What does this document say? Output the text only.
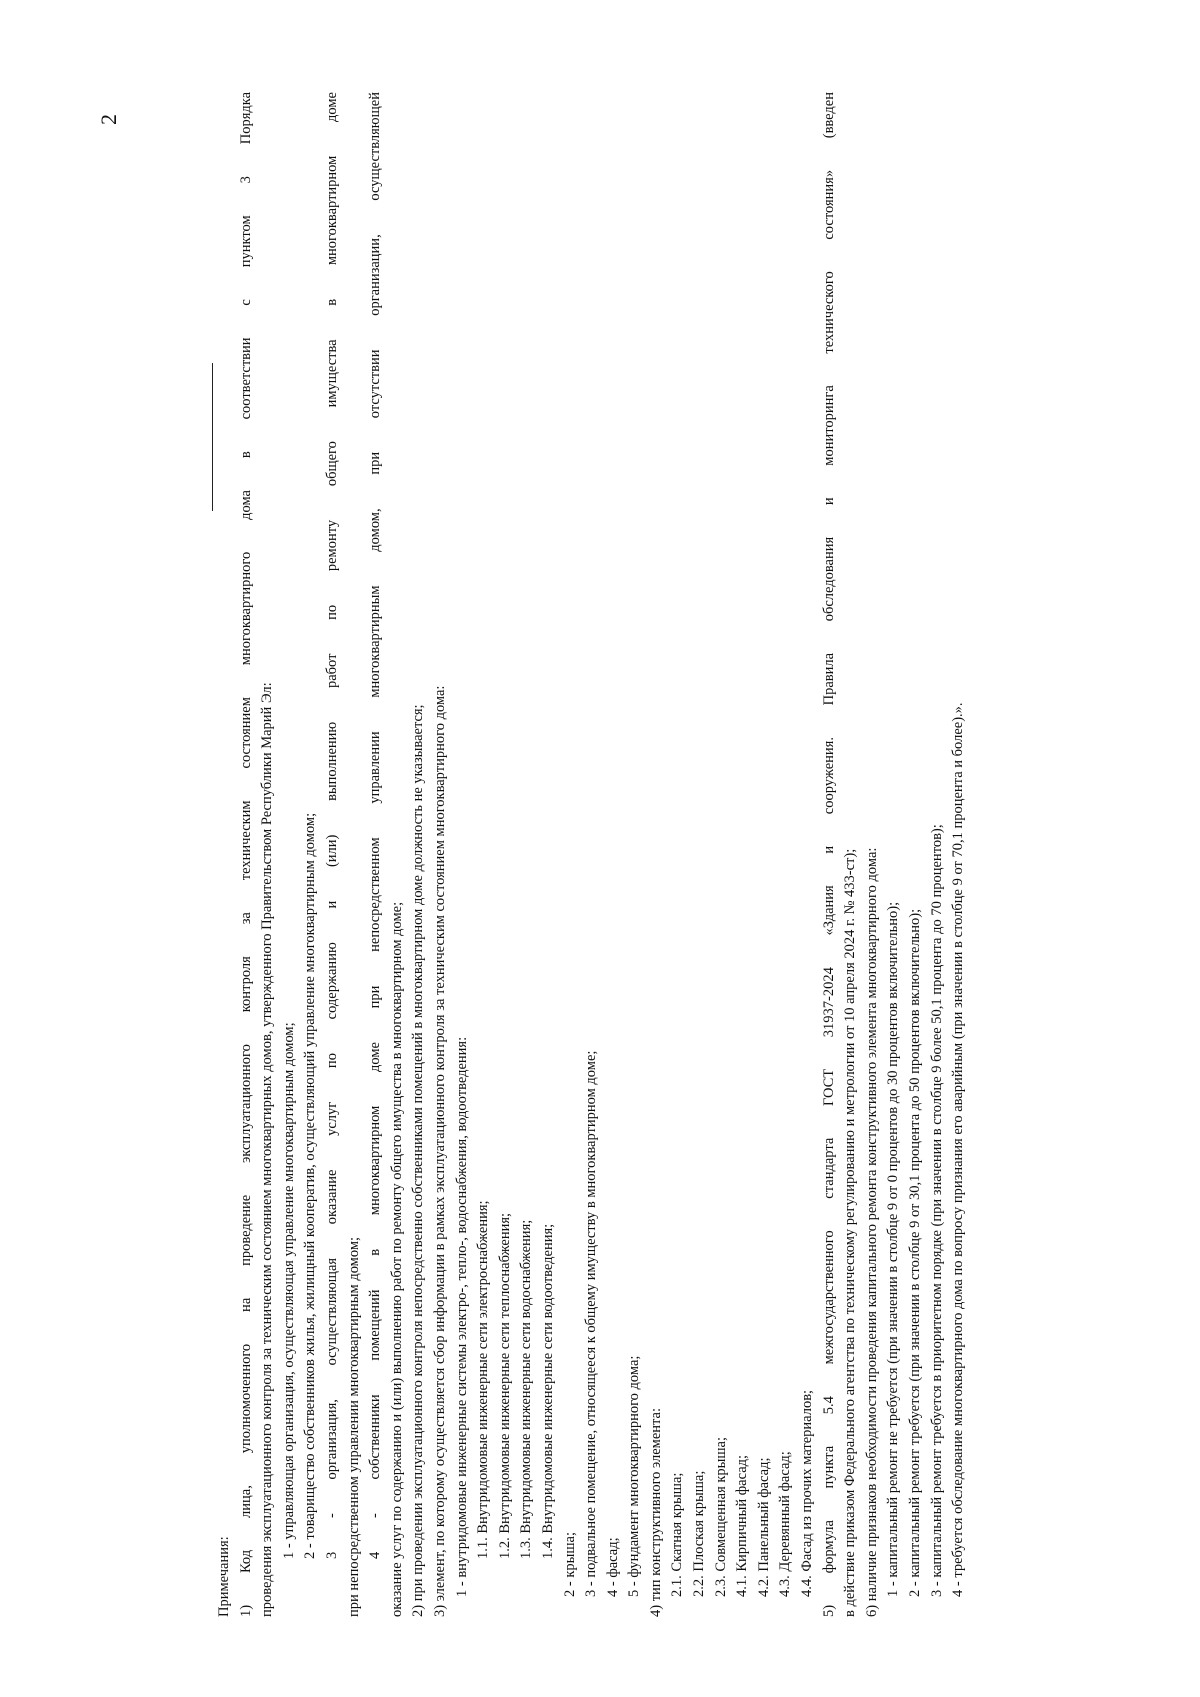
2
Примечания: 1) Код лица, уполномоченного на проведение эксплуатационного контроля за техническим состоянием многоквартирного дома в соответствии с пунктом 3 Порядка проведения эксплуатационного контроля за техническим состоянием многоквартирных домов, утвержденного Правительством Республики Марий Эл: 1 - управляющая организация, осуществляющая управление многоквартирным домом; 2 - товарищество собственников жилья, жилищный кооператив, осуществляющий управление многоквартирным домом; 3 - организация, осуществляющая оказание услуг по содержанию и (или) выполнению работ по ремонту общего имущества в многоквартирном доме при непосредственном управлении многоквартирным домом; 4 - собственники помещений в многоквартирном доме при непосредственном управлении многоквартирным домом, при отсутствии организации, осуществляющей оказание услуг по содержанию и (или) выполнению работ по ремонту общего имущества в многоквартирном доме; 2) при проведении эксплуатационного контроля непосредственно собственниками помещений в многоквартирном доме должность не указывается; 3) элемент, по которому осуществляется сбор информации в рамках эксплуатационного контроля за техническим состоянием многоквартирного дома: 1 - внутридомовые инженерные системы электро-, тепло-, водоснабжения, водоотведения: 1.1. Внутридомовые инженерные сети электроснабжения; 1.2. Внутридомовые инженерные сети теплоснабжения; 1.3. Внутридомовые инженерные сети водоснабжения; 1.4. Внутридомовые инженерные сети водоотведения;
2 - крыша; 3 - подвальное помещение, относящееся к общему имуществу в многоквартирном доме; 4 - фасад; 5 - фундамент многоквартирного дома; 4) тип конструктивного элемента: 2.1. Скатная крыша; 2.2. Плоская крыша; 2.3. Совмещенная крыша; 4.1. Кирпичный фасад; 4.2. Панельный фасад; 4.3. Деревянный фасад; 4.4. Фасад из прочих материалов; 5) формула пункта 5.4 межгосударственного стандарта ГОСТ 31937-2024 «Здания и сооружения. Правила обследования и мониторинга технического состояния» (введен в действие приказом Федерального агентства по техническому регулированию и метрологии от 10 апреля 2024 г. № 433-ст); 6) наличие признаков необходимости проведения капитального ремонта конструктивного элемента многоквартирного дома: 1 - капитальный ремонт не требуется (при значении в столбце 9 от 0 процентов до 30 процентов включительно); 2 - капитальный ремонт требуется (при значении в столбце 9 от 30,1 процента до 50 процентов включительно); 3 - капитальный ремонт требуется в приоритетном порядке (при значении в столбце 9 более 50,1 процента до 70 процентов); 4 - требуется обследование многоквартирного дома по вопросу признания его аварийным (при значении в столбце 9 от 70,1 процента и более).».
